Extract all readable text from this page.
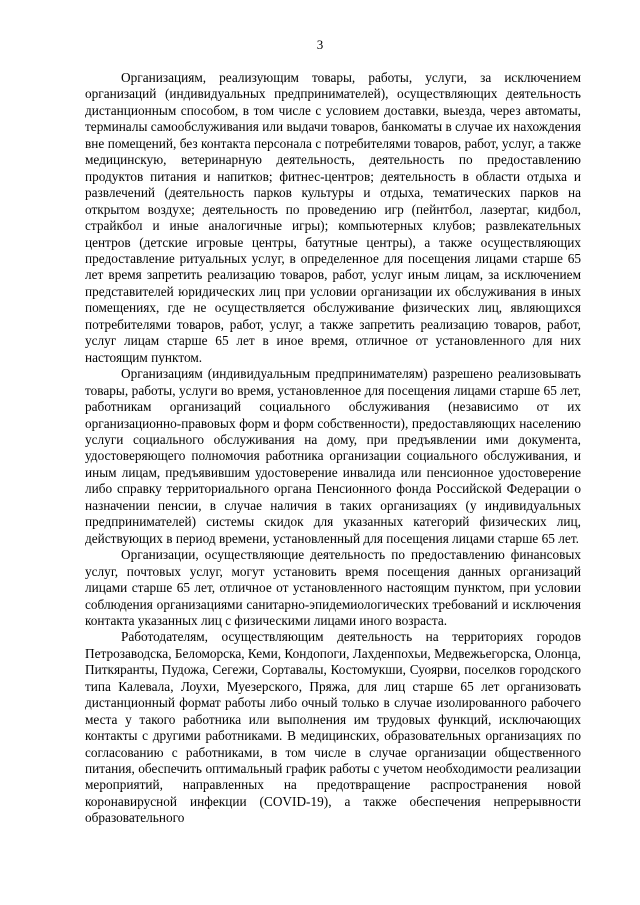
3

Организациям, реализующим товары, работы, услуги, за исключением организаций (индивидуальных предпринимателей), осуществляющих деятельность дистанционным способом, в том числе с условием доставки, выезда, через автоматы, терминалы самообслуживания или выдачи товаров, банкоматы в случае их нахождения вне помещений, без контакта персонала с потребителями товаров, работ, услуг, а также медицинскую, ветеринарную деятельность, деятельность по предоставлению продуктов питания и напитков; фитнес-центров; деятельность в области отдыха и развлечений (деятельность парков культуры и отдыха, тематических парков на открытом воздухе; деятельность по проведению игр (пейнтбол, лазертаг, кидбол, страйкбол и иные аналогичные игры); компьютерных клубов; развлекательных центров (детские игровые центры, батутные центры), а также осуществляющих предоставление ритуальных услуг, в определенное для посещения лицами старше 65 лет время запретить реализацию товаров, работ, услуг иным лицам, за исключением представителей юридических лиц при условии организации их обслуживания в иных помещениях, где не осуществляется обслуживание физических лиц, являющихся потребителями товаров, работ, услуг, а также запретить реализацию товаров, работ, услуг лицам старше 65 лет в иное время, отличное от установленного для них настоящим пунктом.

Организациям (индивидуальным предпринимателям) разрешено реализовывать товары, работы, услуги во время, установленное для посещения лицами старше 65 лет, работникам организаций социального обслуживания (независимо от их организационно-правовых форм и форм собственности), предоставляющих населению услуги социального обслуживания на дому, при предъявлении ими документа, удостоверяющего полномочия работника организации социального обслуживания, и иным лицам, предъявившим удостоверение инвалида или пенсионное удостоверение либо справку территориального органа Пенсионного фонда Российской Федерации о назначении пенсии, в случае наличия в таких организациях (у индивидуальных предпринимателей) системы скидок для указанных категорий физических лиц, действующих в период времени, установленный для посещения лицами старше 65 лет.

Организации, осуществляющие деятельность по предоставлению финансовых услуг, почтовых услуг, могут установить время посещения данных организаций лицами старше 65 лет, отличное от установленного настоящим пунктом, при условии соблюдения организациями санитарно-эпидемиологических требований и исключения контакта указанных лиц с физическими лицами иного возраста.

Работодателям, осуществляющим деятельность на территориях городов Петрозаводска, Беломорска, Кеми, Кондопоги, Лахденпохьи, Медвежьегорска, Олонца, Питкяранты, Пудожа, Сегежи, Сортавалы, Костомукши, Суоярви, поселков городского типа Калевала, Лоухи, Муезерского, Пряжа, для лиц старше 65 лет организовать дистанционный формат работы либо очный только в случае изолированного рабочего места у такого работника или выполнения им трудовых функций, исключающих контакты с другими работниками. В медицинских, образовательных организациях по согласованию с работниками, в том числе в случае организации общественного питания, обеспечить оптимальный график работы с учетом необходимости реализации мероприятий, направленных на предотвращение распространения новой коронавирусной инфекции (COVID-19), а также обеспечения непрерывности образовательного
